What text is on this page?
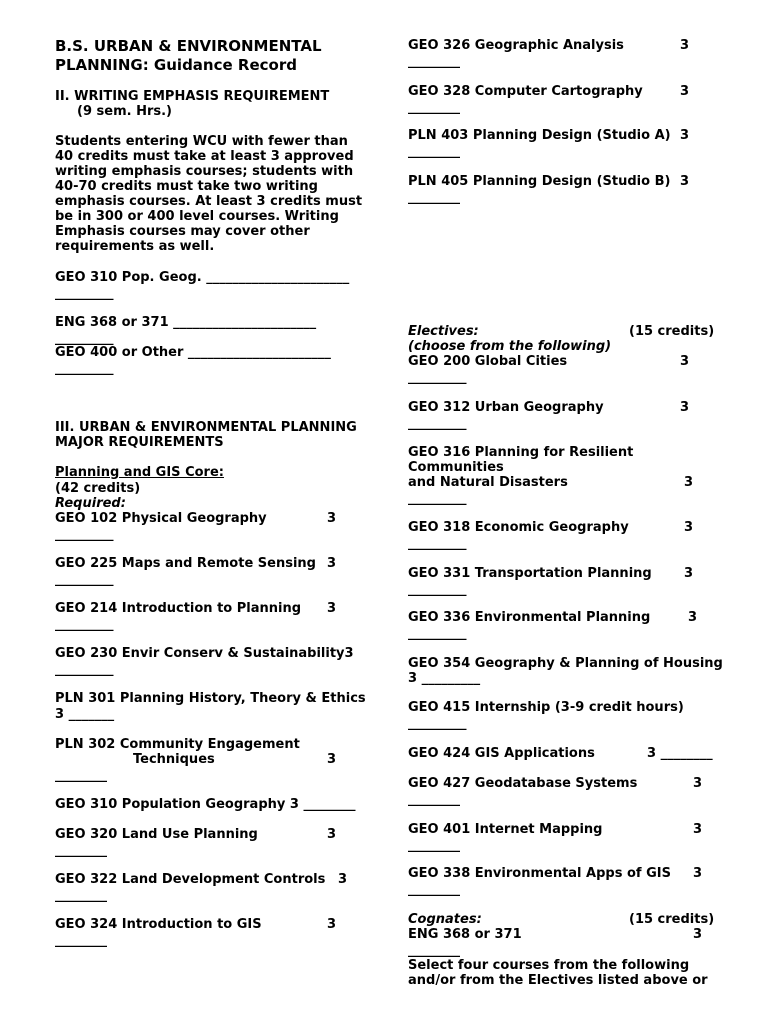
B.S. URBAN & ENVIRONMENTAL
PLANNING: Guidance Record
II. WRITING EMPHASIS REQUIREMENT
(9 sem. Hrs.)
Students entering WCU with fewer than 40 credits must take at least 3 approved writing emphasis courses; students with 40-70 credits must take two writing emphasis courses. At least 3 credits must be in 300 or 400 level courses. Writing Emphasis courses may cover other requirements as well.
GEO 310 Pop. Geog. ______________________
_________
ENG 368 or 371 ______________________
_________
GEO 400 or Other ______________________
_________
III. URBAN & ENVIRONMENTAL PLANNING
MAJOR REQUIREMENTS
Planning and GIS Core:
(42 credits)
Required:
GEO 102 Physical Geography	3
_________
GEO 225 Maps and Remote Sensing 3
_________
GEO 214 Introduction to Planning 3
_________
GEO 230 Envir Conserv & Sustainability3
_________
PLN 301 Planning History, Theory & Ethics
3 _______
PLN 302 Community Engagement
Techniques	3
________
GEO 310 Population Geography 3 ________
GEO 320 Land Use Planning	3
________
GEO 322 Land Development Controls 3
________
GEO 324 Introduction to GIS	3
________
GEO 326 Geographic Analysis	3
________
GEO 328 Computer Cartography	3
________
PLN 403 Planning Design (Studio A) 3
________
PLN 405 Planning Design (Studio B) 3
________
Electives:	(15 credits)
(choose from the following)
GEO 200 Global Cities	3
_________
GEO 312 Urban Geography	3
_________
GEO 316 Planning for Resilient
Communities
and Natural Disasters	3
_________
GEO 318 Economic Geography	3
_________
GEO 331 Transportation Planning 3
_________
GEO 336 Environmental Planning	3
_________
GEO 354 Geography & Planning of Housing
3 _________
GEO 415 Internship (3-9 credit hours)
_________
GEO 424 GIS Applications	3 ________
GEO 427 Geodatabase Systems	3
________
GEO 401 Internet Mapping	3
________
GEO 338 Environmental Apps of GIS 3
________
Cognates:	(15 credits)
ENG 368 or 371	3
________
Select four courses from the following
and/or from the Electives listed above or
